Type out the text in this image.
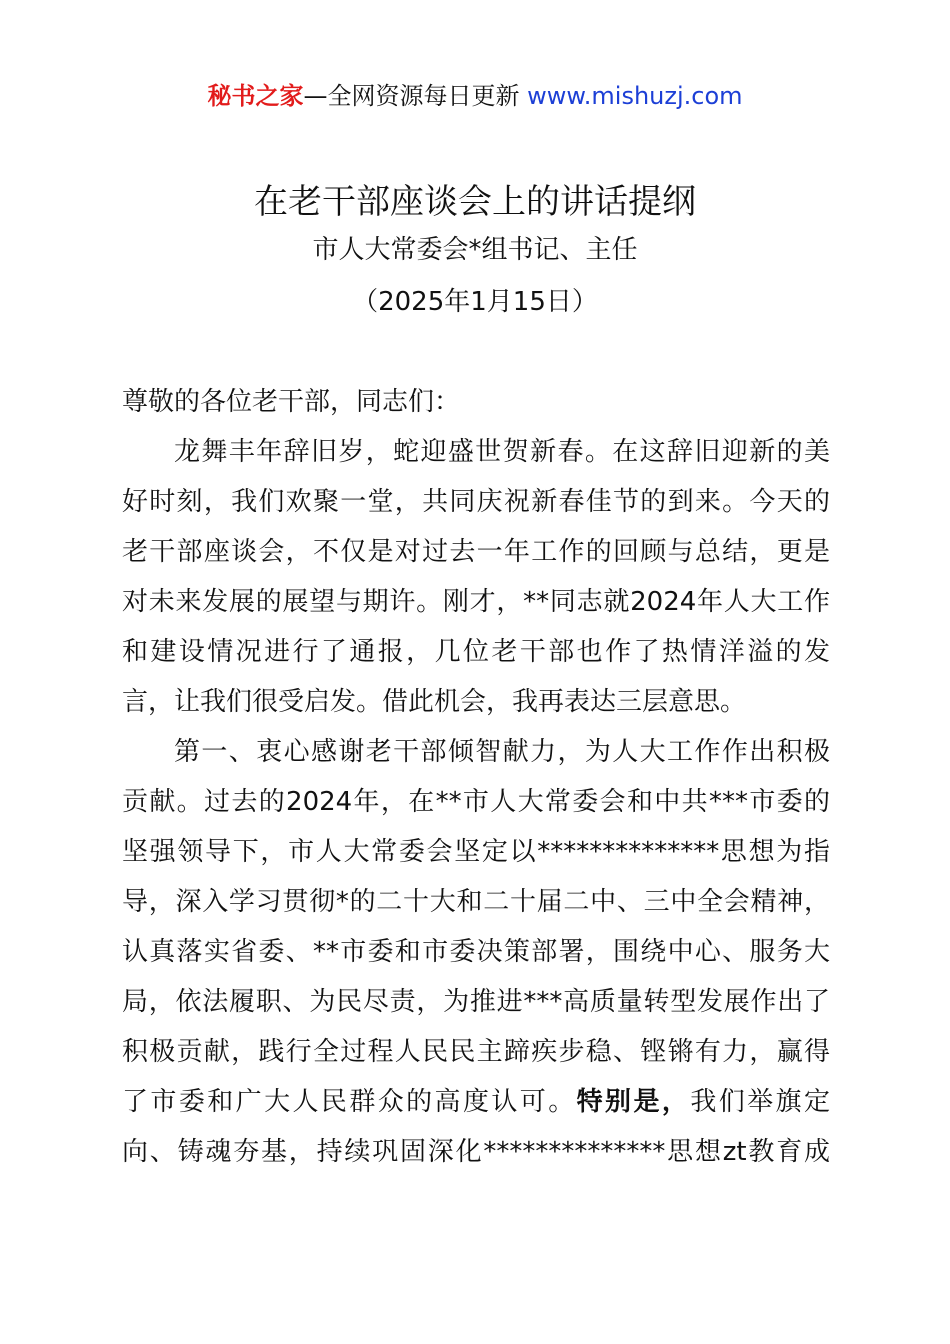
秘书之家—全网资源每日更新 www.mishuzj.com
在老干部座谈会上的讲话提纲
市人大常委会*组书记、主任
（2025年1月15日）
尊敬的各位老干部，同志们：
龙舞丰年辞旧岁，蛇迎盛世贺新春。在这辞旧迎新的美
好时刻，我们欢聚一堂，共同庆祝新春佳节的到来。今天的
老干部座谈会，不仅是对过去一年工作的回顾与总结，更是
对未来发展的展望与期许。刚才，**同志就2024年人大工作
和建设情况进行了通报，几位老干部也作了热情洋溢的发
言，让我们很受启发。借此机会，我再表达三层意思。
第一、衷心感谢老干部倾智献力，为人大工作作出积极
贡献。过去的2024年，在**市人大常委会和中共***市委的
坚强领导下，市人大常委会坚定以**************思想为指
导，深入学习贯彻*的二十大和二十届二中、三中全会精神，
认真落实省委、**市委和市委决策部署，围绕中心、服务大
局，依法履职、为民尽责，为推进***高质量转型发展作出了
积极贡献，践行全过程人民民主蹄疾步稳、铿锵有力，赢得
了市委和广大人民群众的高度认可。特别是，我们举旗定
向、铸魂夯基，持续巩固深化**************思想zt教育成
